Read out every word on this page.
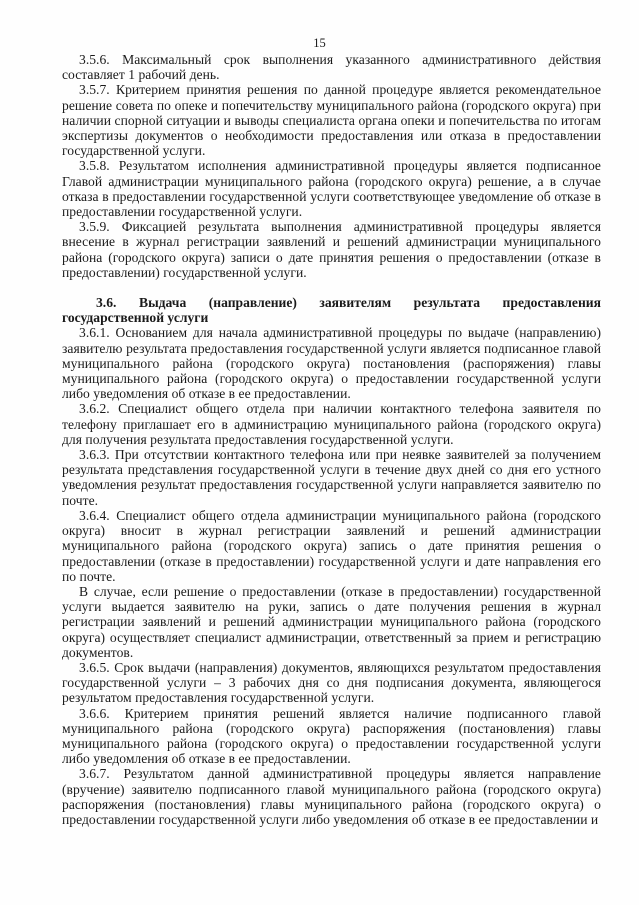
15

3.5.6. Максимальный срок выполнения указанного административного действия составляет 1 рабочий день.

3.5.7. Критерием принятия решения по данной процедуре является рекомендательное решение совета по опеке и попечительству муниципального района (городского округа) при наличии спорной ситуации и выводы специалиста органа опеки и попечительства по итогам экспертизы документов о необходимости предоставления или отказа в предоставлении государственной услуги.

3.5.8. Результатом исполнения административной процедуры является подписанное Главой администрации муниципального района (городского округа) решение, а в случае отказа в предоставлении государственной услуги соответствующее уведомление об отказе в предоставлении государственной услуги.

3.5.9. Фиксацией результата выполнения административной процедуры является внесение в журнал регистрации заявлений и решений администрации муниципального района (городского округа) записи о дате принятия решения о предоставлении (отказе в предоставлении) государственной услуги.

3.6. Выдача (направление) заявителям результата предоставления государственной услуги

3.6.1. Основанием для начала административной процедуры по выдаче (направлению) заявителю результата предоставления государственной услуги является подписанное главой муниципального района (городского округа) постановления (распоряжения) главы муниципального района (городского округа) о предоставлении государственной услуги либо уведомления об отказе в ее предоставлении.

3.6.2. Специалист общего отдела при наличии контактного телефона заявителя по телефону приглашает его в администрацию муниципального района (городского округа) для получения результата предоставления государственной услуги.

3.6.3. При отсутствии контактного телефона или при неявке заявителей за получением результата представления государственной услуги в течение двух дней со дня его устного уведомления результат предоставления государственной услуги направляется заявителю по почте.

3.6.4. Специалист общего отдела администрации муниципального района (городского округа) вносит в журнал регистрации заявлений и решений администрации муниципального района (городского округа) запись о дате принятия решения о предоставлении (отказе в предоставлении) государственной услуги и дате направления его по почте.

В случае, если решение о предоставлении (отказе в предоставлении) государственной услуги выдается заявителю на руки, запись о дате получения решения в журнал регистрации заявлений и решений администрации муниципального района (городского округа) осуществляет специалист администрации, ответственный за прием и регистрацию документов.

3.6.5. Срок выдачи (направления) документов, являющихся результатом предоставления государственной услуги – 3 рабочих дня со дня подписания документа, являющегося результатом предоставления государственной услуги.

3.6.6. Критерием принятия решений является наличие подписанного главой муниципального района (городского округа) распоряжения (постановления) главы муниципального района (городского округа) о предоставлении государственной услуги либо уведомления об отказе в ее предоставлении.

3.6.7. Результатом данной административной процедуры является направление (вручение) заявителю подписанного главой муниципального района (городского округа) распоряжения (постановления) главы муниципального района (городского округа) о предоставлении государственной услуги либо уведомления об отказе в ее предоставлении и
